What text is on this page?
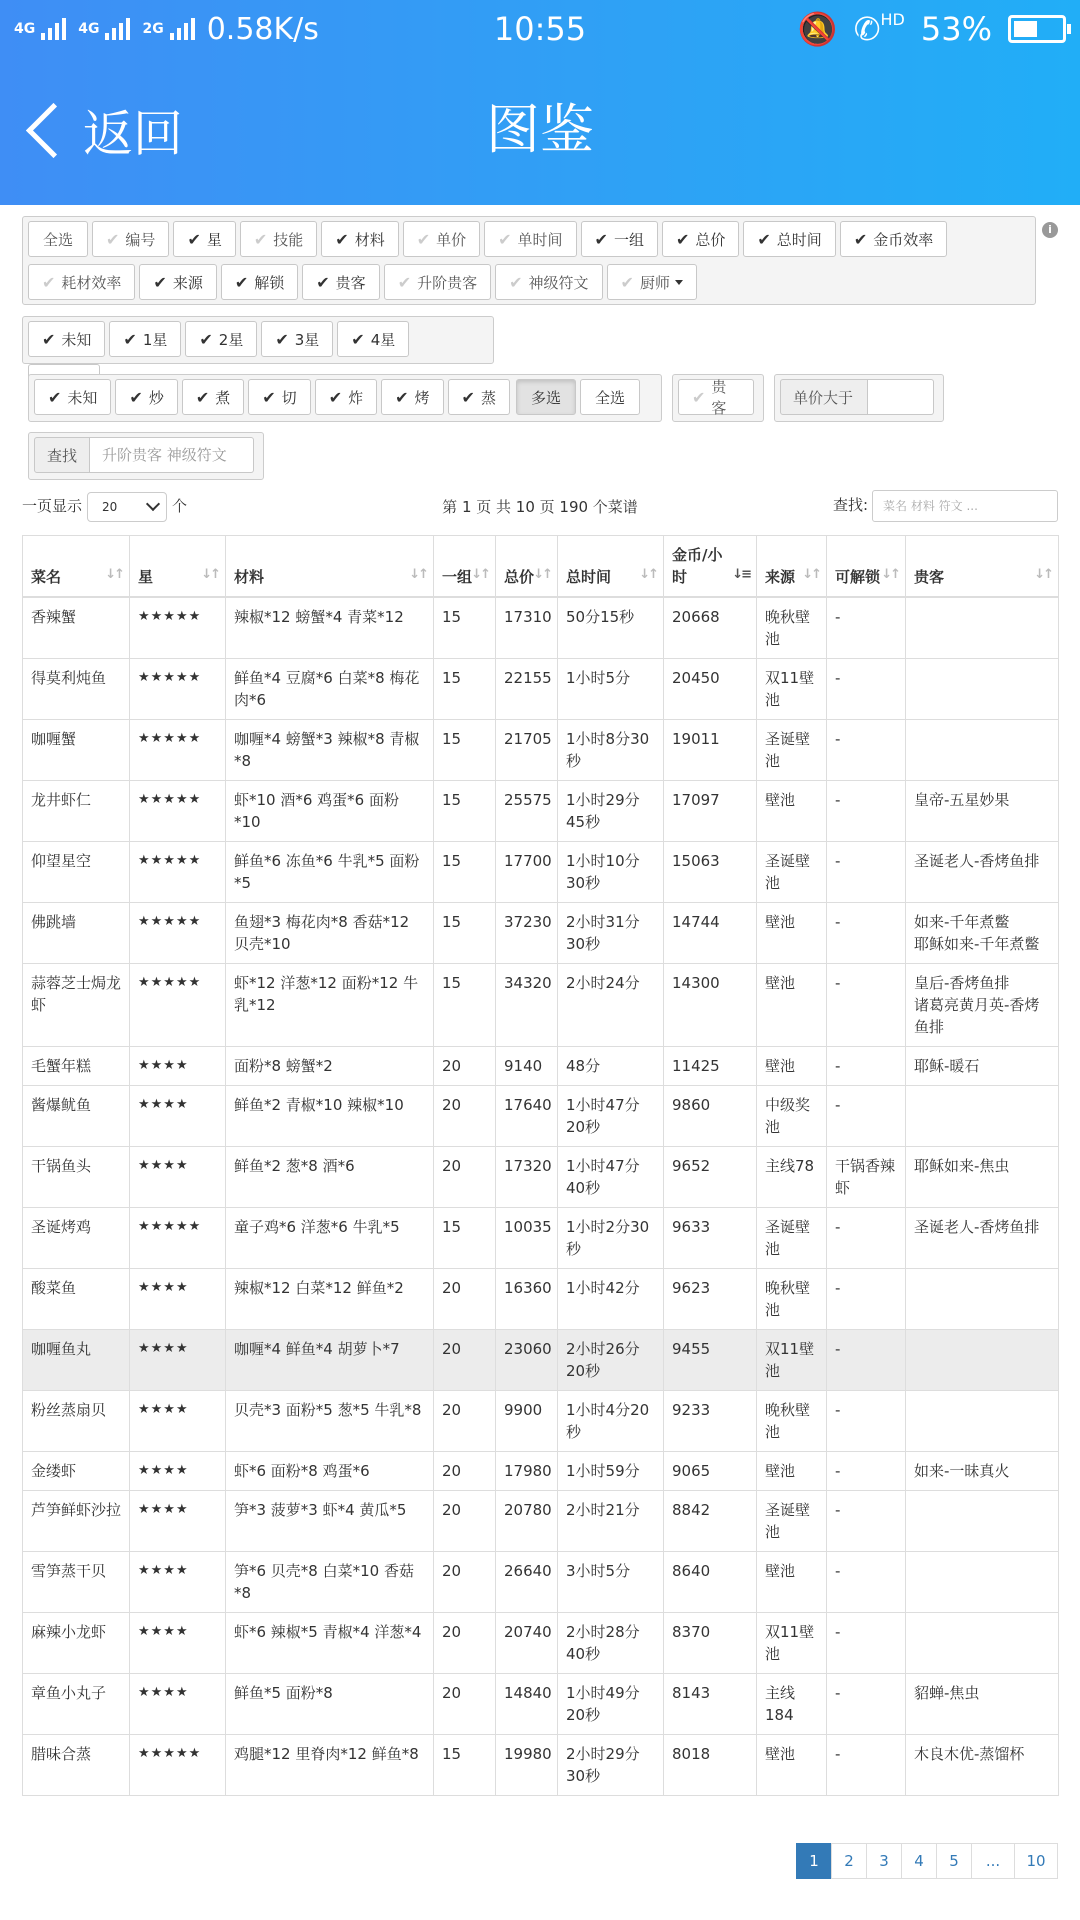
4G	4G	2G 0.58K/s	10:55	🔕 ✆$^{HD}$ 53%
返回	图鉴
全选 ✔ 编号 ✔ 星 ✔ 技能 ✔ 材料 ✔ 单价 ✔ 单时间 ✔ 一组 ✔ 总价 ✔ 总时间 ✔ 金币效率
✔ 耗材效率 ✔ 来源 ✔ 解锁 ✔ 贵客 ✔ 升阶贵客 ✔ 神级符文 ✔ 厨师
i
✔ 未知 ✔ 1星 ✔ 2星 ✔ 3星 ✔ 4星
✔ 未知 ✔ 炒 ✔ 煮 ✔ 切 ✔ 炸 ✔ 烤 ✔ 蒸 多选 全选	✔
贵客
单价大于
查找 升阶贵客 神级符文
一页显示 20	个	第 1 页 共 10 页 190 个菜谱	查找: 菜名 材料 符文 ...
菜名 ↓↑	星 ↓↑	材料 ↓↑	一组 ↓↑	总价 ↓↑	总时间 ↓↑	金币/小时 ↓≡	来源 ↓↑	可解锁 ↓↑	贵客 ↓↑

香辣蟹	★★★★★	辣椒*12 螃蟹*4 青菜*12	15	17310	50分15秒	20668	晚秋壁池	-	
得莫利炖鱼	★★★★★	鲜鱼*4 豆腐*6 白菜*8 梅花肉*6	15	22155	1小时5分	20450	双11壁池	-	
咖喱蟹	★★★★★	咖喱*4 螃蟹*3 辣椒*8 青椒*8	15	21705	1小时8分30秒	19011	圣诞壁池	-	
龙井虾仁	★★★★★	虾*10 酒*6 鸡蛋*6 面粉*10	15	25575	1小时29分45秒	17097	壁池	-	皇帝-五星妙果
仰望星空	★★★★★	鲜鱼*6 冻鱼*6 牛乳*5 面粉*5	15	17700	1小时10分30秒	15063	圣诞壁池	-	圣诞老人-香烤鱼排
佛跳墙	★★★★★	鱼翅*3 梅花肉*8 香菇*12 贝壳*10	15	37230	2小时31分30秒	14744	壁池	-	如来-千年煮鳖
耶稣如来-千年煮鳖
蒜蓉芝士焗龙虾	★★★★★	虾*12 洋葱*12 面粉*12 牛乳*12	15	34320	2小时24分	14300	壁池	-	皇后-香烤鱼排
诸葛亮黄月英-香烤鱼排
毛蟹年糕	★★★★	面粉*8 螃蟹*2	20	9140	48分	11425	壁池	-	耶稣-暖石
酱爆鱿鱼	★★★★	鲜鱼*2 青椒*10 辣椒*10	20	17640	1小时47分20秒	9860	中级奖池	-	
干锅鱼头	★★★★	鲜鱼*2 葱*8 酒*6	20	17320	1小时47分40秒	9652	主线78	干锅香辣虾	耶稣如来-焦虫
圣诞烤鸡	★★★★★	童子鸡*6 洋葱*6 牛乳*5	15	10035	1小时2分30秒	9633	圣诞壁池	-	圣诞老人-香烤鱼排
酸菜鱼	★★★★	辣椒*12 白菜*12 鲜鱼*2	20	16360	1小时42分	9623	晚秋壁池	-	
咖喱鱼丸	★★★★	咖喱*4 鲜鱼*4 胡萝卜*7	20	23060	2小时26分20秒	9455	双11壁池	-	
粉丝蒸扇贝	★★★★	贝壳*3 面粉*5 葱*5 牛乳*8	20	9900	1小时4分20秒	9233	晚秋壁池	-	
金缕虾	★★★★	虾*6 面粉*8 鸡蛋*6	20	17980	1小时59分	9065	壁池	-	如来-一昧真火
芦笋鲜虾沙拉	★★★★	笋*3 菠萝*3 虾*4 黄瓜*5	20	20780	2小时21分	8842	圣诞壁池	-	
雪笋蒸干贝	★★★★	笋*6 贝壳*8 白菜*10 香菇*8	20	26640	3小时5分	8640	壁池	-	
麻辣小龙虾	★★★★	虾*6 辣椒*5 青椒*4 洋葱*4	20	20740	2小时28分40秒	8370	双11壁池	-	
章鱼小丸子	★★★★	鲜鱼*5 面粉*8	20	14840	1小时49分20秒	8143	主线184	-	貂蝉-焦虫
腊味合蒸	★★★★★	鸡腿*12 里脊肉*12 鲜鱼*8	15	19980	2小时29分30秒	8018	壁池	-	木良木优-蒸馏杯
1	2	3	4	5	...	10
